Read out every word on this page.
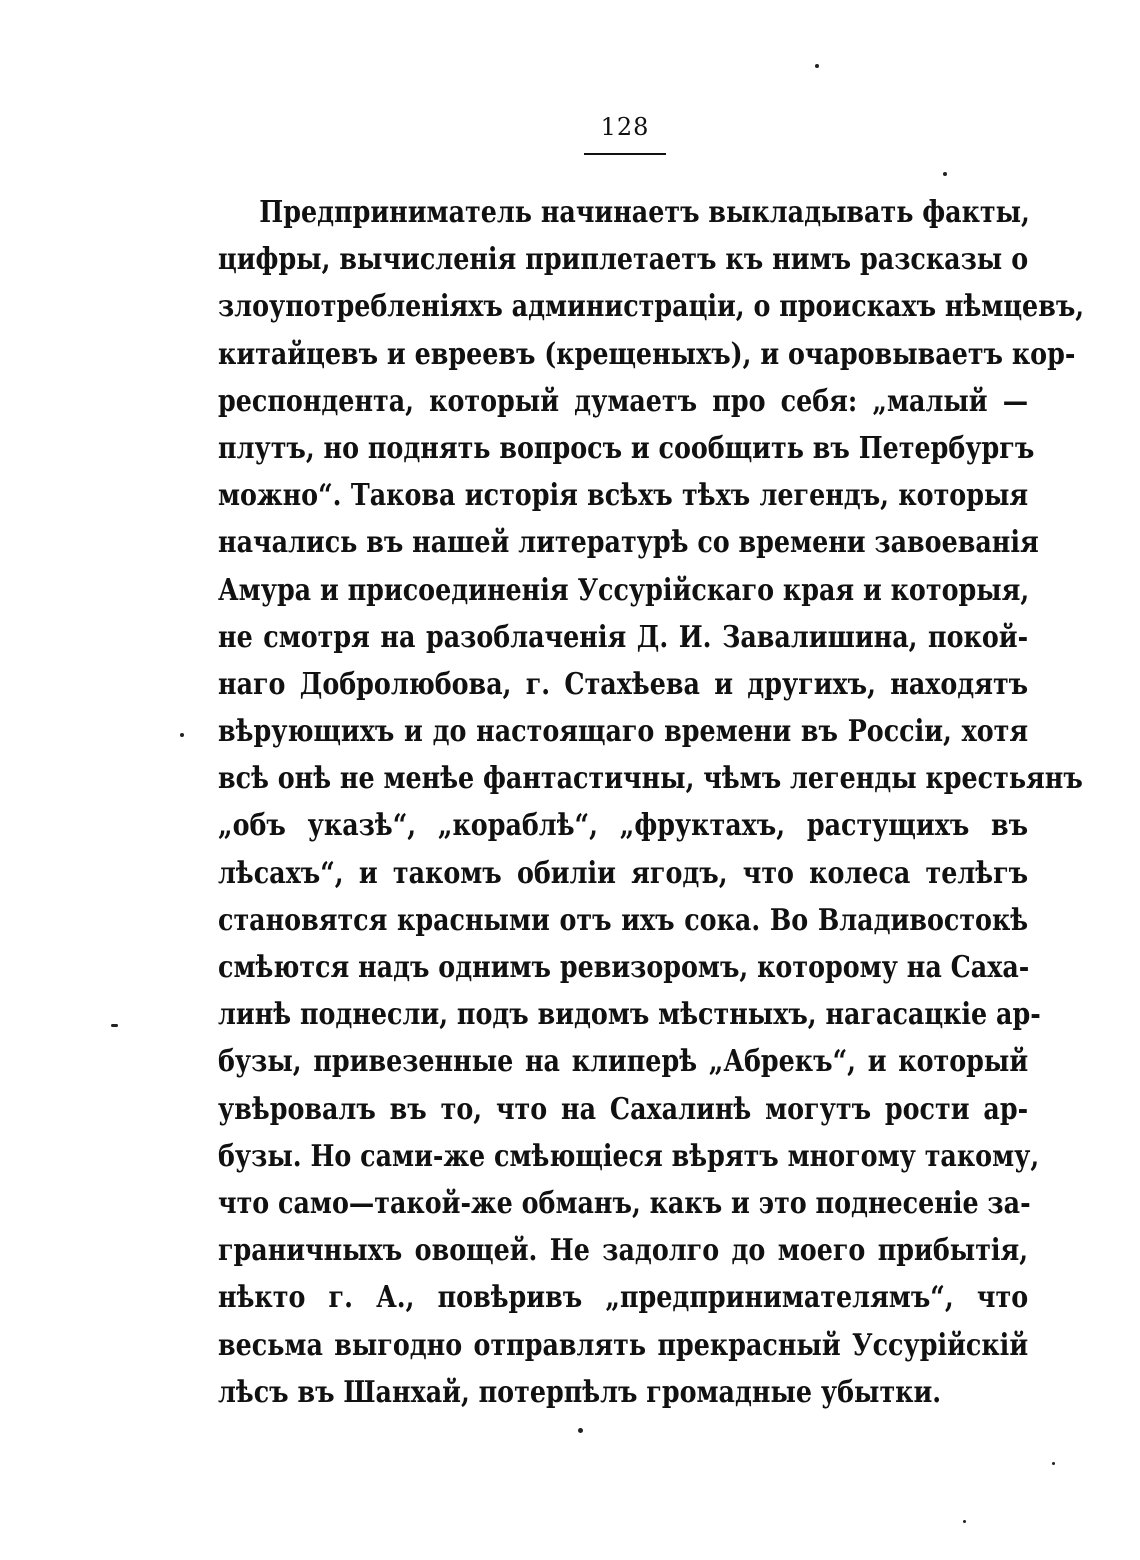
128
Предприниматель начинаетъ выкладывать факты,
цифры, вычисленія приплетаетъ къ нимъ разсказы о
злоупотребленіяхъ администраціи, о проискахъ нѣмцевъ,
китайцевъ и евреевъ (крещеныхъ), и очаровываетъ кор-
респондента, который думаетъ про себя: „малый —
плутъ, но поднять вопросъ и сообщить въ Петербургъ
можно“. Такова исторія всѣхъ тѣхъ легендъ, которыя
начались въ нашей литературѣ со времени завоеванія
Амура и присоединенія Уссурійскаго края и которыя,
не смотря на разоблаченія Д. И. Завалишина, покой-
наго Добролюбова, г. Стахѣева и другихъ, находятъ
вѣрующихъ и до настоящаго времени въ Россіи, хотя
всѣ онѣ не менѣе фантастичны, чѣмъ легенды крестьянъ
„объ указѣ“, „кораблѣ“, „фруктахъ, растущихъ въ
лѣсахъ“, и такомъ обиліи ягодъ, что колеса телѣгъ
становятся красными отъ ихъ сока. Во Владивостокѣ
смѣются надъ однимъ ревизоромъ, которому на Саха-
линѣ поднесли, подъ видомъ мѣстныхъ, нагасацкіе ар-
бузы, привезенные на клиперѣ „Абрекъ“, и который
увѣровалъ въ то, что на Сахалинѣ могутъ рости ар-
бузы. Но сами-же смѣющіеся вѣрятъ многому такому,
что само—такой-же обманъ, какъ и это поднесеніе за-
граничныхъ овощей. Не задолго до моего прибытія,
нѣкто г. А., повѣривъ „предпринимателямъ“, что
весьма выгодно отправлять прекрасный Уссурійскій
лѣсъ въ Шанхай, потерпѣлъ громадные убытки.
